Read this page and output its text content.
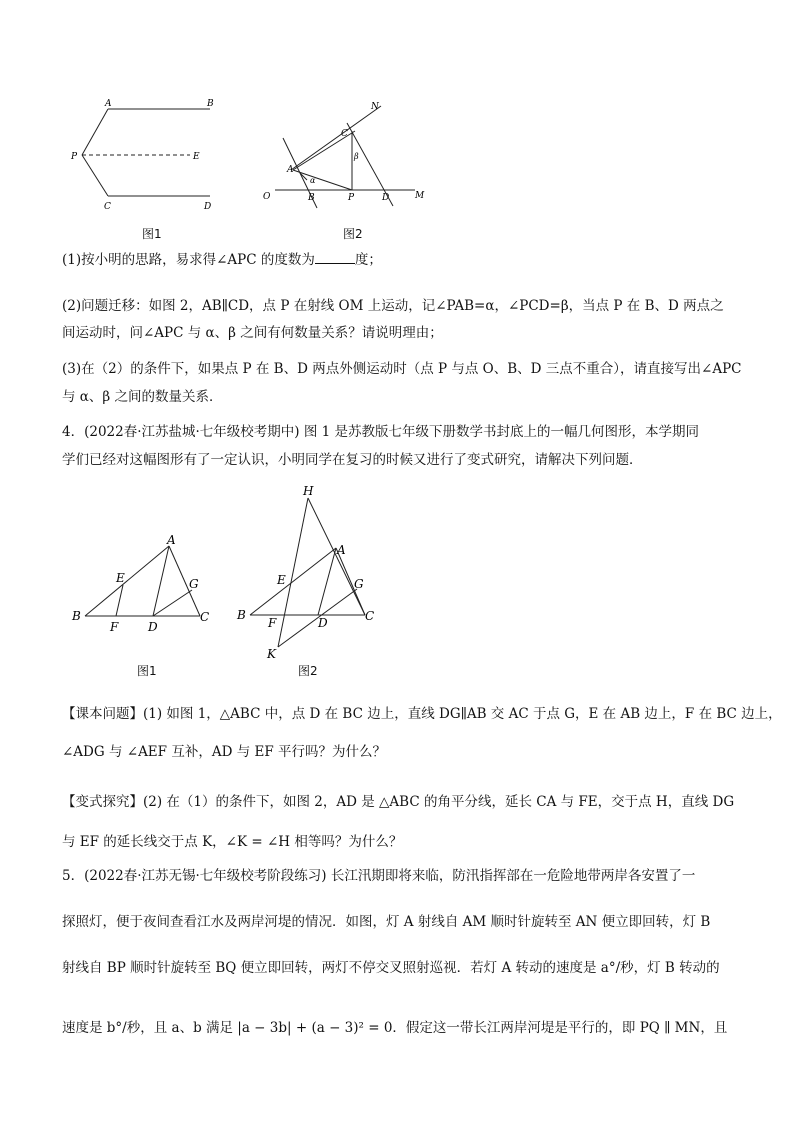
A	B
P	E
C	D
图1
N
C
β
A
α
O	B	P	D	M
图2
(1)按小明的思路，易求得∠APC 的度数为	度；
(2)问题迁移：如图 2，AB∥CD，点 P 在射线 OM 上运动，记∠PAB=α，∠PCD=β，当点 P 在 B、D 两点之
间运动时，问∠APC 与 α、β 之间有何数量关系？请说明理由；
(3)在（2）的条件下，如果点 P 在 B、D 两点外侧运动时（点 P 与点 O、B、D 三点不重合），请直接写出∠APC
与 α、β 之间的数量关系．
4．(2022春·江苏盐城·七年级校考期中) 图 1 是苏教版七年级下册数学书封底上的一幅几何图形，本学期同
学们已经对这幅图形有了一定认识，小明同学在复习的时候又进行了变式研究，请解决下列问题．
A
E	G
B
F D
C
图1
H
A
E	G
B
F	D	C
K
图2
【课本问题】(1) 如图 1，△ABC 中，点 D 在 BC 边上，直线 DG∥AB 交 AC 于点 G，E 在 AB 边上，F 在 BC 边上，
∠ADG 与 ∠AEF 互补，AD 与 EF 平行吗？为什么？
【变式探究】(2) 在（1）的条件下，如图 2，AD 是 △ABC 的角平分线，延长 CA 与 FE，交于点 H，直线 DG
与 EF 的延长线交于点 K，∠K = ∠H 相等吗？为什么？
5．(2022春·江苏无锡·七年级校考阶段练习) 长江汛期即将来临，防汛指挥部在一危险地带两岸各安置了一
探照灯，便于夜间查看江水及两岸河堤的情况．如图，灯 A 射线自 AM 顺时针旋转至 AN 便立即回转，灯 B
射线自 BP 顺时针旋转至 BQ 便立即回转，两灯不停交叉照射巡视．若灯 A 转动的速度是 a°/秒，灯 B 转动的
速度是 b°/秒，且 a、b 满足 |a − 3b| + (a − 3)² = 0．假定这一带长江两岸河堤是平行的，即 PQ ∥ MN，且
